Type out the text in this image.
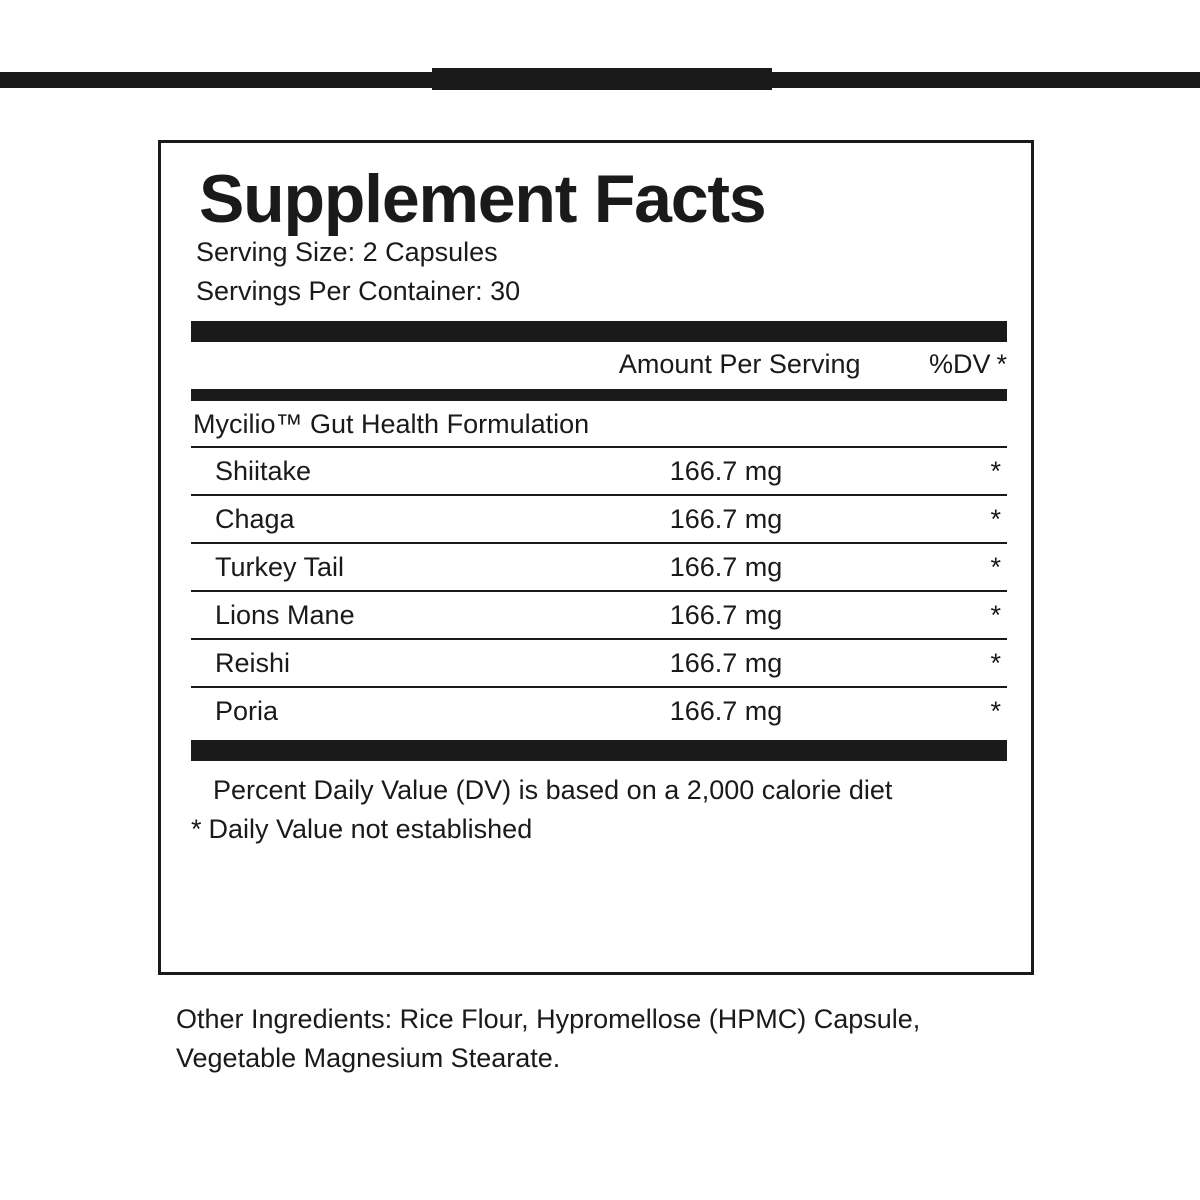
Supplement Facts
Serving Size: 2 Capsules
Servings Per Container: 30
Amount Per Serving	%DV *
Mycilio™ Gut Health Formulation
Shiitake	166.7 mg	*
Chaga	166.7 mg	*
Turkey Tail	166.7 mg	*
Lions Mane	166.7 mg	*
Reishi	166.7 mg	*
Poria	166.7 mg	*
Percent Daily Value (DV) is based on a 2,000 calorie diet
* Daily Value not established
Other Ingredients: Rice Flour, Hypromellose (HPMC) Capsule, Vegetable Magnesium Stearate.
